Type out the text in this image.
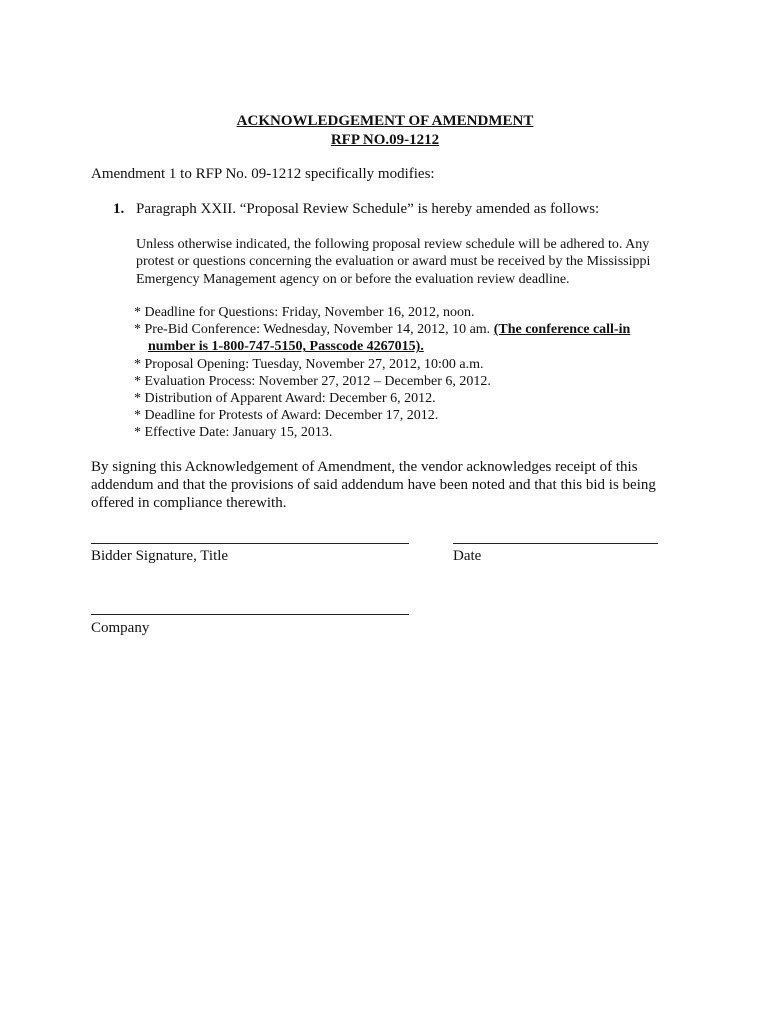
ACKNOWLEDGEMENT OF AMENDMENT
RFP NO.09-1212

Amendment 1 to RFP No. 09-1212 specifically modifies:

1. Paragraph XXII. “Proposal Review Schedule” is hereby amended as follows:

Unless otherwise indicated, the following proposal review schedule will be adhered to. Any
protest or questions concerning the evaluation or award must be received by the Mississippi
Emergency Management agency on or before the evaluation review deadline.

* Deadline for Questions: Friday, November 16, 2012, noon.
* Pre-Bid Conference: Wednesday, November 14, 2012, 10 am. (The conference call-in
number is 1-800-747-5150, Passcode 4267015).
* Proposal Opening: Tuesday, November 27, 2012, 10:00 a.m.
* Evaluation Process: November 27, 2012 – December 6, 2012.
* Distribution of Apparent Award: December 6, 2012.
* Deadline for Protests of Award: December 17, 2012.
* Effective Date: January 15, 2013.

By signing this Acknowledgement of Amendment, the vendor acknowledges receipt of this
addendum and that the provisions of said addendum have been noted and that this bid is being
offered in compliance therewith.

Bidder Signature, Title	Date
Company
